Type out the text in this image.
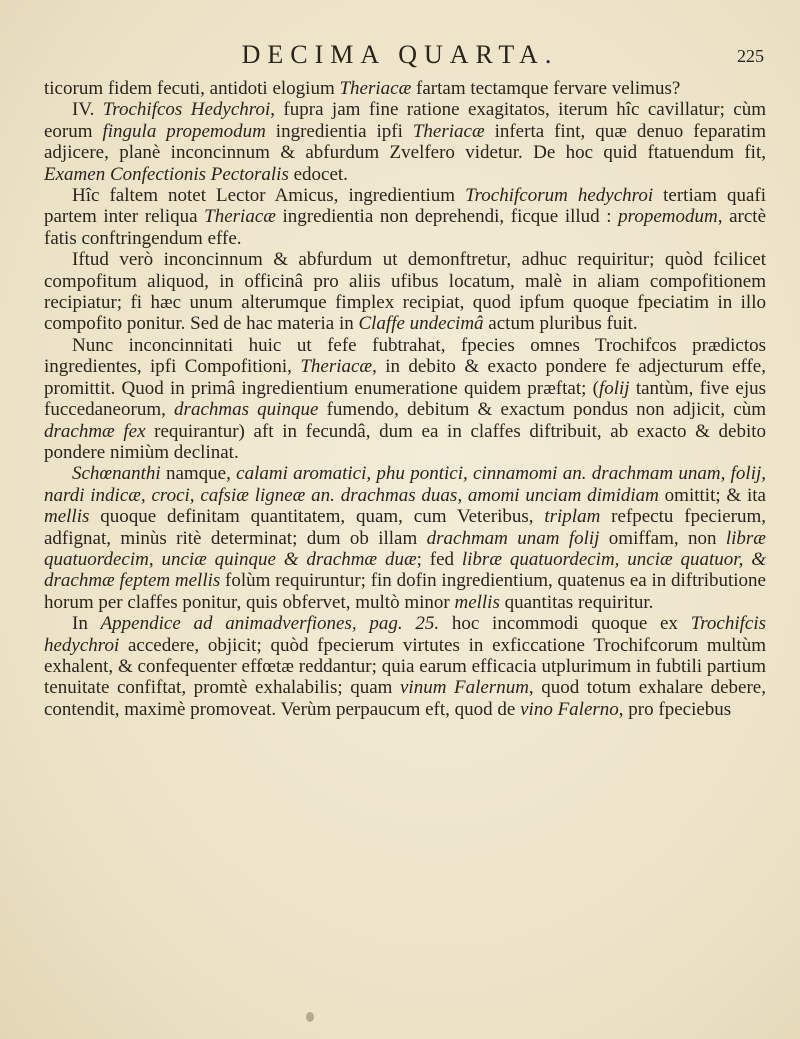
DECIMA QUARTA.	225

ticorum fidem fecuti, antidoti elogium Theriacæ fartam tectamque fervare velimus?

IV. Trochifcos Hedychroi, fupra jam fine ratione exagitatos, iterum hîc cavillatur; cùm eorum fingula propemodum ingredientia ipfi Theriacæ inferta fint, quæ denuo feparatim adjicere, planè inconcinnum & abfurdum Zvelfero videtur. De hoc quid ftatuendum fit, Examen Confectionis Pectoralis edocet.

Hîc faltem notet Lector Amicus, ingredientium Trochifcorum hedychroi tertiam quafi partem inter reliqua Theriacæ ingredientia non deprehendi, ficque illud : propemodum, arctè fatis conftringendum effe.

Iftud verò inconcinnum & abfurdum ut demonftretur, adhuc requiritur; quòd fcilicet compofitum aliquod, in officinâ pro aliis ufibus locatum, malè in aliam compofitionem recipiatur; fi hæc unum alterumque fimplex recipiat, quod ipfum quoque fpeciatim in illo compofito ponitur. Sed de hac materia in Claffe undecimâ actum pluribus fuit.

Nunc inconcinnitati huic ut fefe fubtrahat, fpecies omnes Trochifcos prædictos ingredientes, ipfi Compofitioni, Theriacæ, in debito & exacto pondere fe adjecturum effe, promittit. Quod in primâ ingredientium enumeratione quidem præftat; (folij tantùm, five ejus fuccedaneorum, drachmas quinque fumendo, debitum & exactum pondus non adjicit, cùm drachmæ fex requirantur) aft in fecundâ, dum ea in claffes diftribuit, ab exacto & debito pondere nimiùm declinat.

Schœnanthi namque, calami aromatici, phu pontici, cinnamomi an. drachmam unam, folij, nardi indicæ, croci, cafsiæ ligneæ an. drachmas duas, amomi unciam dimidiam omittit; & ita mellis quoque definitam quantitatem, quam, cum Veteribus, triplam refpectu fpecierum, adfignat, minùs ritè determinat; dum ob illam drachmam unam folij omiffam, non libræ quatuordecim, unciæ quinque & drachmæ duæ; fed libræ quatuordecim, unciæ quatuor, & drachmæ feptem mellis folùm requiruntur; fin dofin ingredientium, quatenus ea in diftributione horum per claffes ponitur, quis obfervet, multò minor mellis quantitas requiritur.

In Appendice ad animadverfiones, pag. 25. hoc incommodi quoque ex Trochifcis hedychroi accedere, objicit; quòd fpecierum virtutes in exficcatione Trochifcorum multùm exhalent, & confequenter effœtæ reddantur; quia earum efficacia utplurimum in fubtili partium tenuitate confiftat, promtè exhalabilis; quam vinum Falernum, quod totum exhalare debere, contendit, maximè promoveat. Verùm perpaucum eft, quod de vino Falerno, pro fpeciebus
